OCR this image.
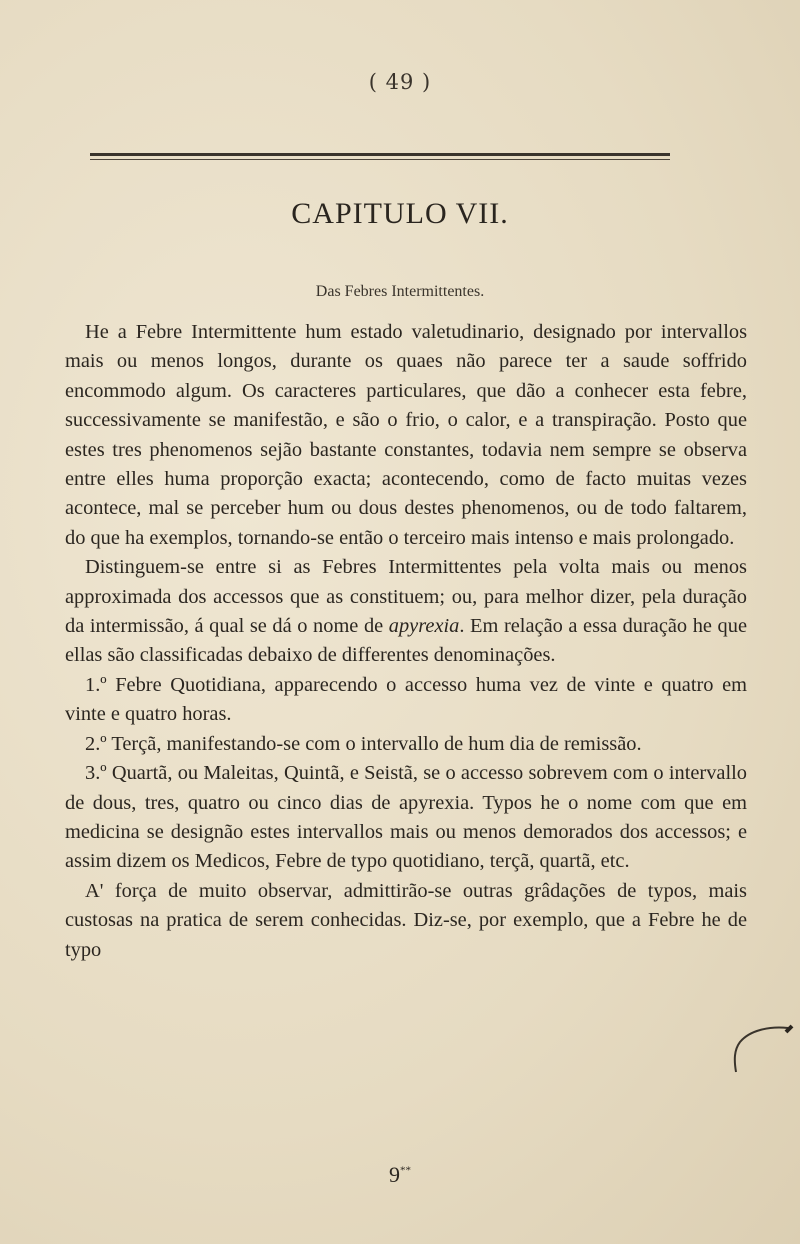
( 49 )
CAPITULO VII.
Das Febres Intermittentes.

He a Febre Intermittente hum estado valetudinario, designado por intervallos mais ou menos longos, durante os quaes não parece ter a saude soffrido encommodo algum. Os caracteres particulares, que dão a conhecer esta febre, successivamente se manifestão, e são o frio, o calor, e a transpiração. Posto que estes tres phenomenos sejão bastante constantes, todavia nem sempre se observa entre elles huma proporção exacta; acontecendo, como de facto muitas vezes acontece, mal se perceber hum ou dous destes phenomenos, ou de todo faltarem, do que ha exemplos, tornando-se então o terceiro mais intenso e mais prolongado.

Distinguem-se entre si as Febres Intermittentes pela volta mais ou menos approximada dos accessos que as constituem; ou, para melhor dizer, pela duração da intermissão, á qual se dá o nome de apyrexia. Em relação a essa duração he que ellas são classificadas debaixo de differentes denominações.

1.º Febre Quotidiana, apparecendo o accesso huma vez de vinte e quatro em vinte e quatro horas.

2.º Terçã, manifestando-se com o intervallo de hum dia de remissão.

3.º Quartã, ou Maleitas, Quintã, e Seistã, se o accesso sobrevem com o intervallo de dous, tres, quatro ou cinco dias de apyrexia. Typos he o nome com que em medicina se designão estes intervallos mais ou menos demorados dos accessos; e assim dizem os Medicos, Febre de typo quotidiano, terçã, quartã, etc.

A' força de muito observar, admittirão-se outras grâdações de typos, mais custosas na pratica de serem conhecidas. Diz-se, por exemplo, que a Febre he de typo

9**
